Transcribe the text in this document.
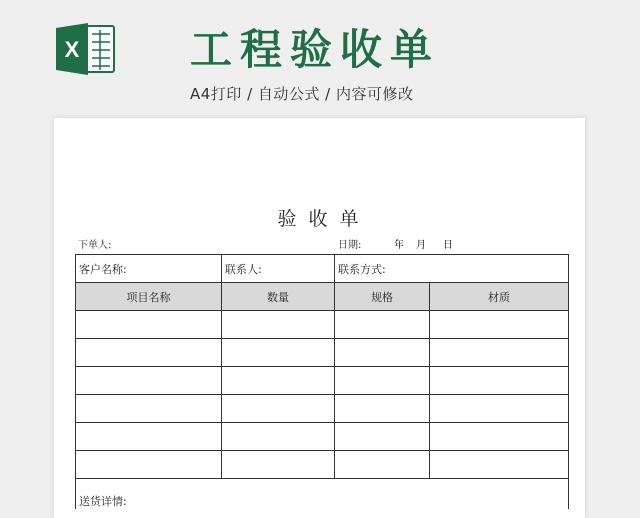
X	工程验收单
A4打印 / 自动公式 / 内容可修改
验 收 单
下单人:	日期:	年 月 日
客户名称:	联系人:	联系方式:	
项目名称	数量	规格	材质

送货详情:			
